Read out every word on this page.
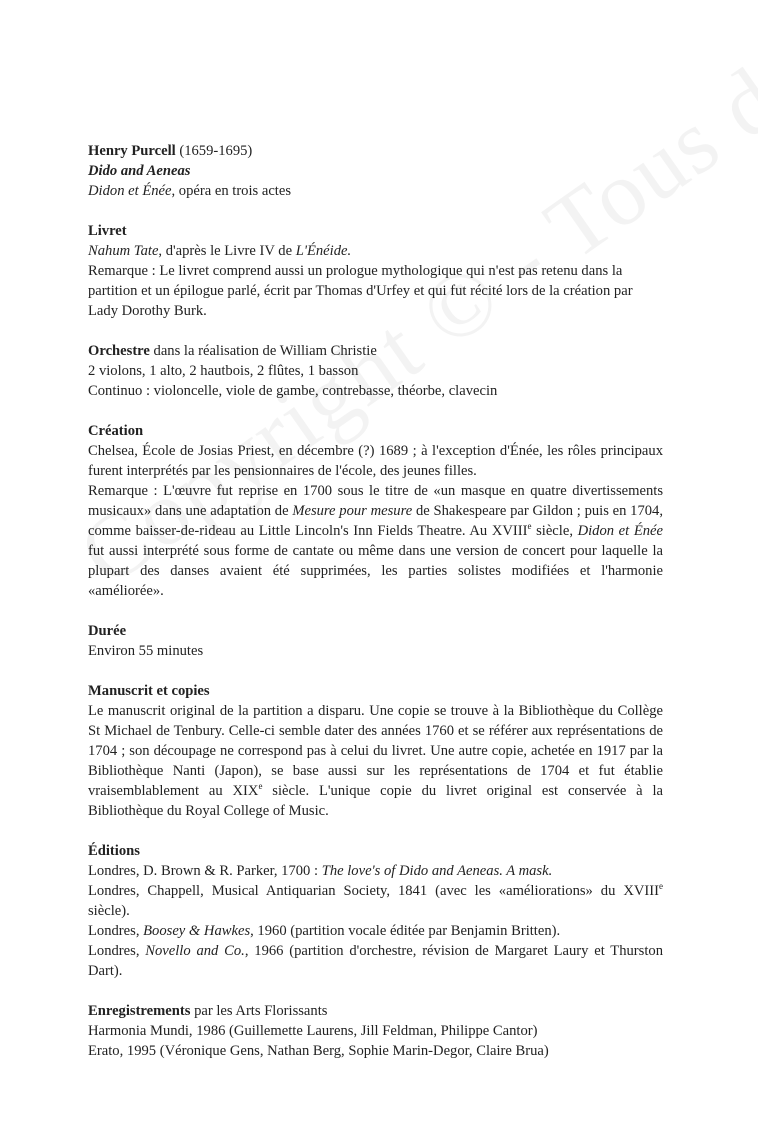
Henry Purcell (1659-1695)
Dido and Aeneas
Didon et Énée, opéra en trois actes
Livret
Nahum Tate, d'après le Livre IV de L'Énéide.
Remarque : Le livret comprend aussi un prologue mythologique qui n'est pas retenu dans la partition et un épilogue parlé, écrit par Thomas d'Urfey et qui fut récité lors de la création par Lady Dorothy Burk.
Orchestre dans la réalisation de William Christie
2 violons, 1 alto, 2 hautbois, 2 flûtes, 1 basson
Continuo : violoncelle, viole de gambe, contrebasse, théorbe, clavecin
Création
Chelsea, École de Josias Priest, en décembre (?) 1689 ; à l'exception d'Énée, les rôles principaux furent interprétés par les pensionnaires de l'école, des jeunes filles.
Remarque : L'œuvre fut reprise en 1700 sous le titre de «un masque en quatre divertissements musicaux» dans une adaptation de Mesure pour mesure de Shakespeare par Gildon ; puis en 1704, comme baisser-de-rideau au Little Lincoln's Inn Fields Theatre. Au XVIIIe siècle, Didon et Énée fut aussi interprété sous forme de cantate ou même dans une version de concert pour laquelle la plupart des danses avaient été supprimées, les parties solistes modifiées et l'harmonie «améliorée».
Durée
Environ 55 minutes
Manuscrit et copies
Le manuscrit original de la partition a disparu. Une copie se trouve à la Bibliothèque du Collège St Michael de Tenbury. Celle-ci semble dater des années 1760 et se référer aux représentations de 1704 ; son découpage ne correspond pas à celui du livret. Une autre copie, achetée en 1917 par la Bibliothèque Nanti (Japon), se base aussi sur les représentations de 1704 et fut établie vraisemblablement au XIXe siècle. L'unique copie du livret original est conservée à la Bibliothèque du Royal College of Music.
Éditions
Londres, D. Brown & R. Parker, 1700 : The love's of Dido and Aeneas. A mask.
Londres, Chappell, Musical Antiquarian Society, 1841 (avec les «améliorations» du XVIIIe siècle).
Londres, Boosey & Hawkes, 1960 (partition vocale éditée par Benjamin Britten).
Londres, Novello and Co., 1966 (partition d'orchestre, révision de Margaret Laury et Thurston Dart).
Enregistrements par les Arts Florissants
Harmonia Mundi, 1986 (Guillemette Laurens, Jill Feldman, Philippe Cantor)
Erato, 1995 (Véronique Gens, Nathan Berg, Sophie Marin-Degor, Claire Brua)
